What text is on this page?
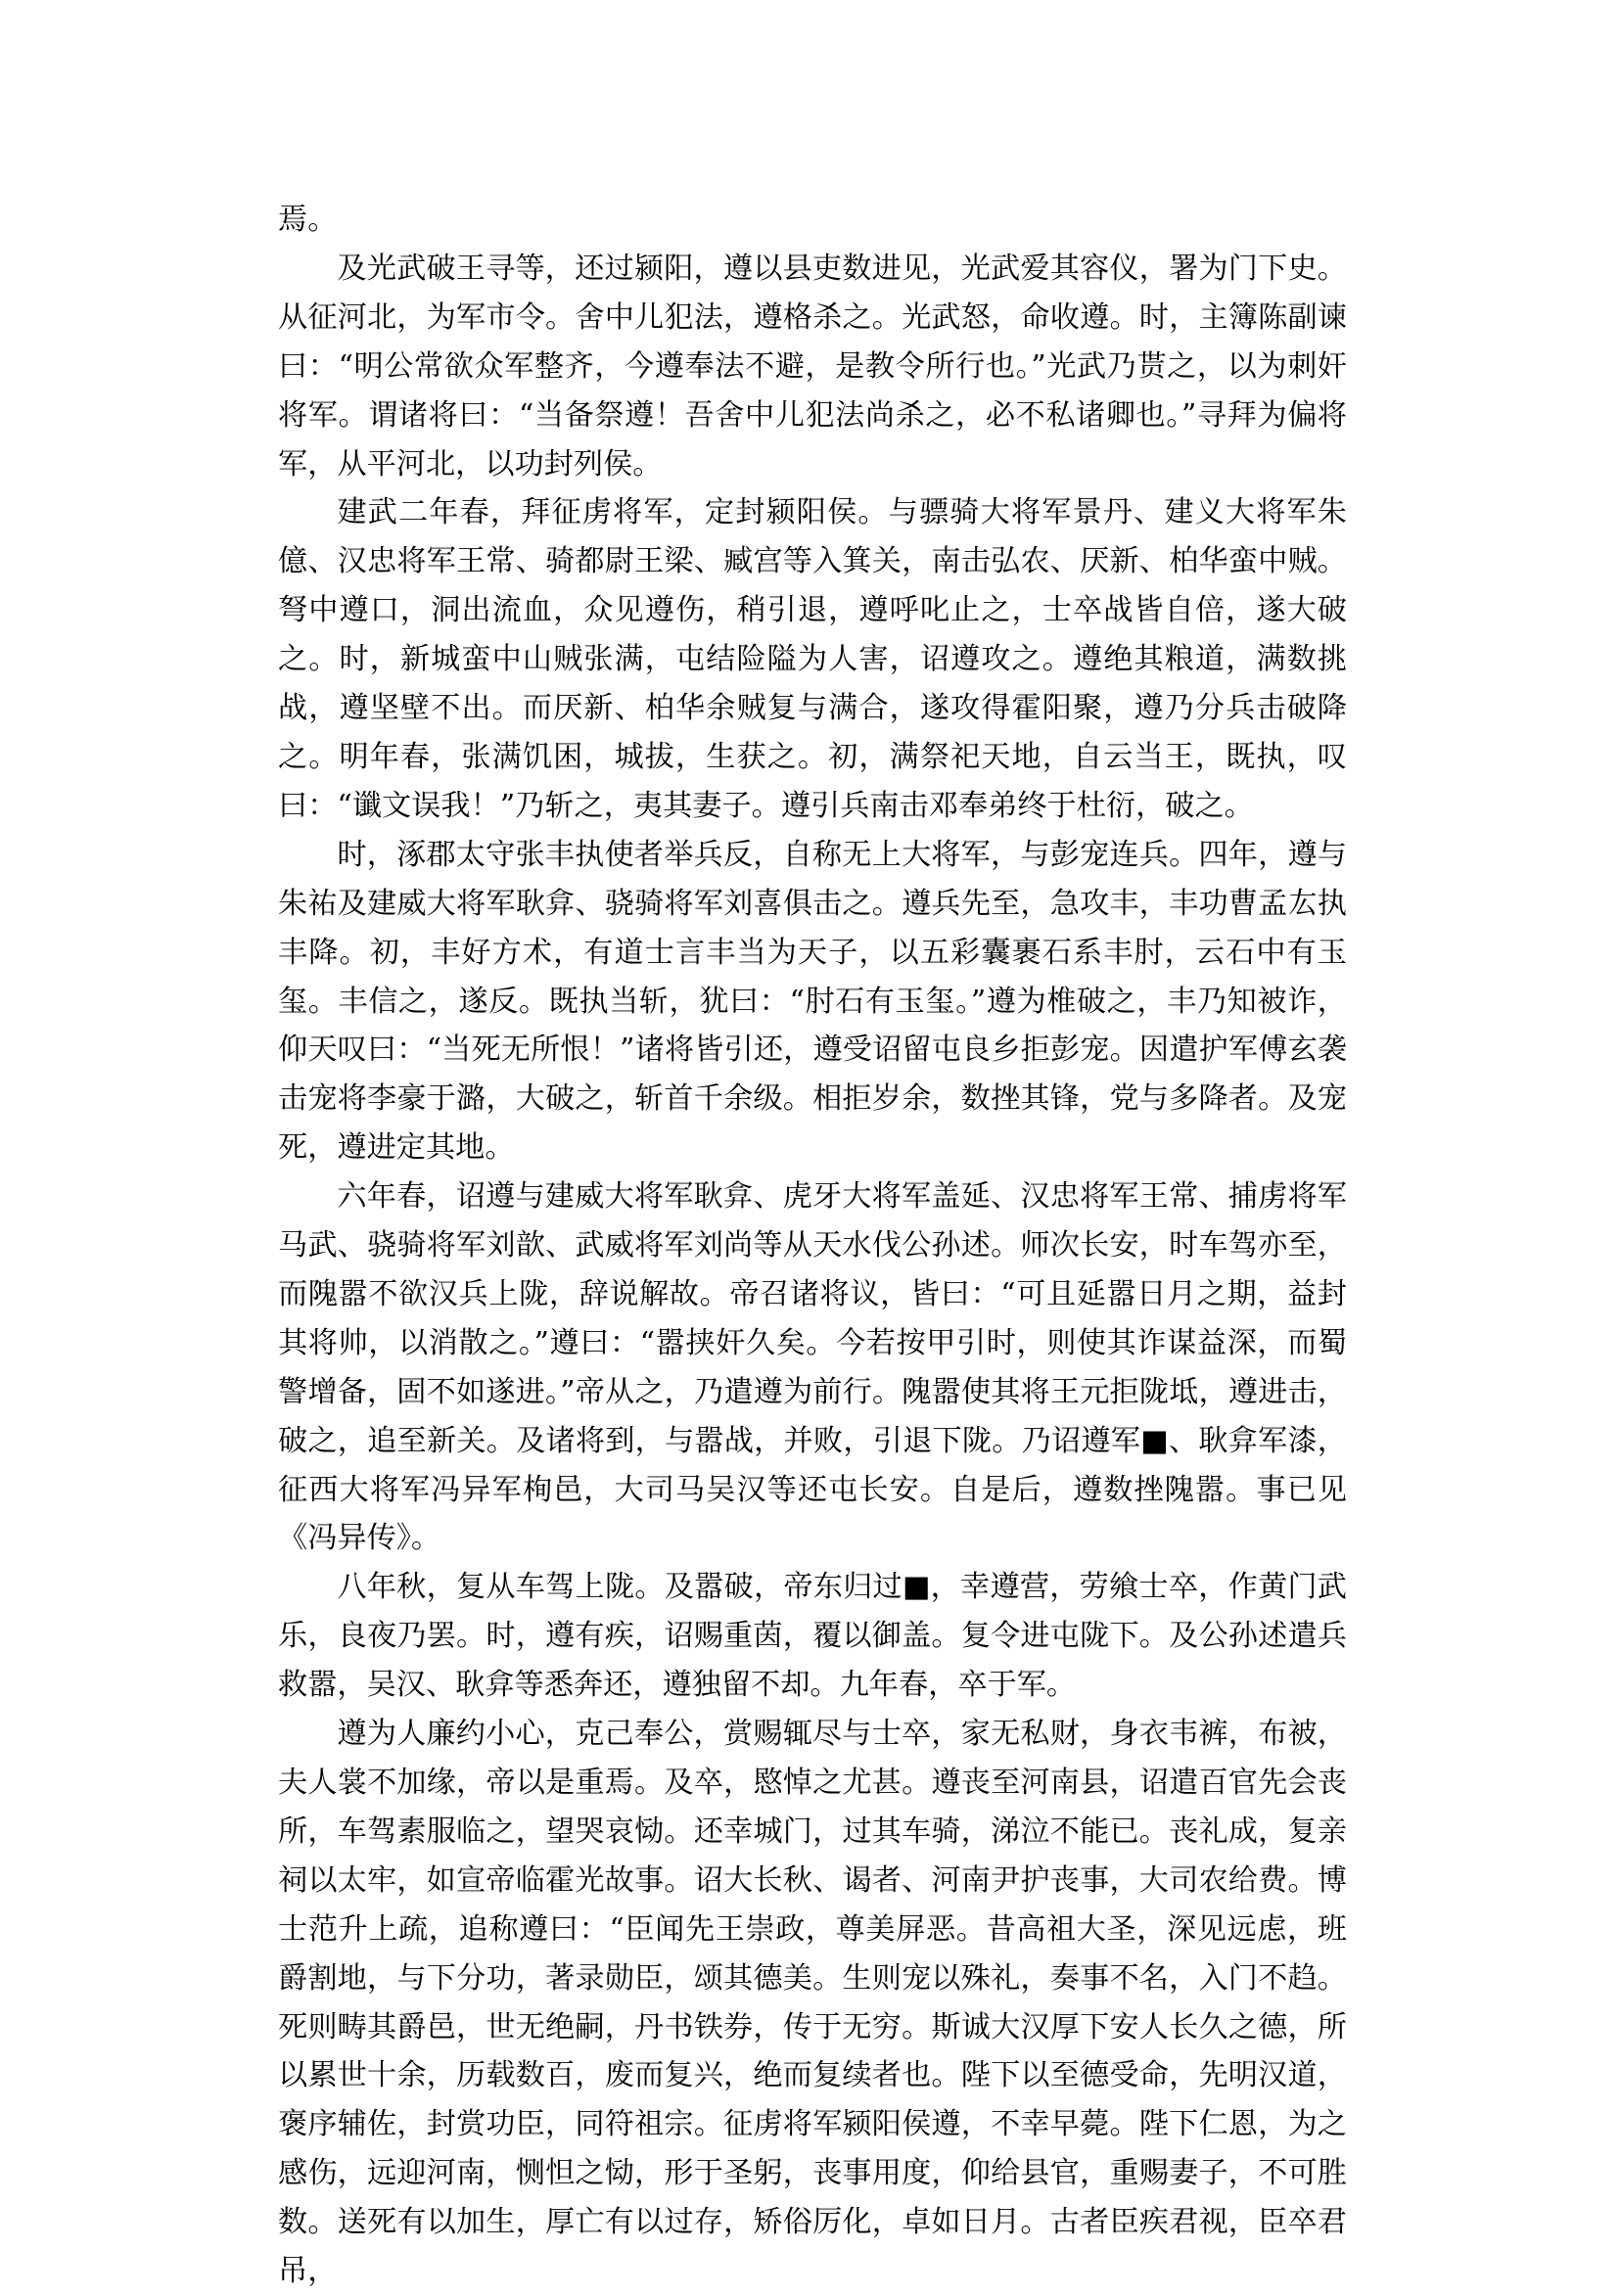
焉。

及光武破王寻等，还过颍阳，遵以县吏数进见，光武爱其容仪，署为门下史。从征河北，为军市令。舍中儿犯法，遵格杀之。光武怒，命收遵。时，主簿陈副谏曰：“明公常欲众军整齐，今遵奉法不避，是教令所行也。”光武乃贳之，以为刺奸将军。谓诸将曰：“当备祭遵！吾舍中儿犯法尚杀之，必不私诸卿也。”寻拜为偏将军，从平河北，以功封列侯。

建武二年春，拜征虏将军，定封颍阳侯。与骠骑大将军景丹、建义大将军朱億、汉忠将军王常、骑都尉王梁、臧宫等入箕关，南击弘农、厌新、柏华蛮中贼。弩中遵口，洞出流血，众见遵伤，稍引退，遵呼叱止之，士卒战皆自倍，遂大破之。时，新城蛮中山贼张满，屯结险隘为人害，诏遵攻之。遵绝其粮道，满数挑战，遵坚壁不出。而厌新、柏华余贼复与满合，遂攻得霍阳聚，遵乃分兵击破降之。明年春，张满饥困，城拔，生获之。初，满祭祀天地，自云当王，既执，叹曰：“谶文误我！”乃斩之，夷其妻子。遵引兵南击邓奉弟终于杜衍，破之。

时，涿郡太守张丰执使者举兵反，自称无上大将军，与彭宠连兵。四年，遵与朱祐及建威大将军耿弇、骁骑将军刘喜俱击之。遵兵先至，急攻丰，丰功曹孟厷执丰降。初，丰好方术，有道士言丰当为天子，以五彩囊裹石系丰肘，云石中有玉玺。丰信之，遂反。既执当斩，犹曰：“肘石有玉玺。”遵为椎破之，丰乃知被诈，仰天叹曰：“当死无所恨！”诸将皆引还，遵受诏留屯良乡拒彭宠。因遣护军傅玄袭击宠将李豪于潞，大破之，斩首千余级。相拒岁余，数挫其锋，党与多降者。及宠死，遵进定其地。

六年春，诏遵与建威大将军耿弇、虎牙大将军盖延、汉忠将军王常、捕虏将军马武、骁骑将军刘歆、武威将军刘尚等从天水伐公孙述。师次长安，时车驾亦至，而隗嚣不欲汉兵上陇，辞说解故。帝召诸将议，皆曰：“可且延嚣日月之期，益封其将帅，以消散之。”遵曰：“嚣挟奸久矣。今若按甲引时，则使其诈谋益深，而蜀警增备，固不如遂进。”帝从之，乃遣遵为前行。隗嚣使其将王元拒陇坻，遵进击，破之，追至新关。及诸将到，与嚣战，并败，引退下陇。乃诏遵军■、耿弇军漆，征西大将军冯异军栒邑，大司马吴汉等还屯长安。自是后，遵数挫隗嚣。事已见《冯异传》。

八年秋，复从车驾上陇。及嚣破，帝东归过■，幸遵营，劳飨士卒，作黄门武乐，良夜乃罢。时，遵有疾，诏赐重茵，覆以御盖。复令进屯陇下。及公孙述遣兵救嚣，吴汉、耿弇等悉奔还，遵独留不却。九年春，卒于军。

遵为人廉约小心，克己奉公，赏赐辄尽与士卒，家无私财，身衣韦裤，布被，夫人裳不加缘，帝以是重焉。及卒，愍悼之尤甚。遵丧至河南县，诏遣百官先会丧所，车驾素服临之，望哭哀恸。还幸城门，过其车骑，涕泣不能已。丧礼成，复亲祠以太牢，如宣帝临霍光故事。诏大长秋、谒者、河南尹护丧事，大司农给费。博士范升上疏，追称遵曰：“臣闻先王崇政，尊美屏恶。昔高祖大圣，深见远虑，班爵割地，与下分功，著录勋臣，颂其德美。生则宠以殊礼，奏事不名，入门不趋。死则畴其爵邑，世无绝嗣，丹书铁券，传于无穷。斯诚大汉厚下安人长久之德，所以累世十余，历载数百，废而复兴，绝而复续者也。陛下以至德受命，先明汉道，褒序辅佐，封赏功臣，同符祖宗。征虏将军颍阳侯遵，不幸早薨。陛下仁恩，为之感伤，远迎河南，恻怛之恸，形于圣躬，丧事用度，仰给县官，重赐妻子，不可胜数。送死有以加生，厚亡有以过存，矫俗厉化，卓如日月。古者臣疾君视，臣卒君吊，
